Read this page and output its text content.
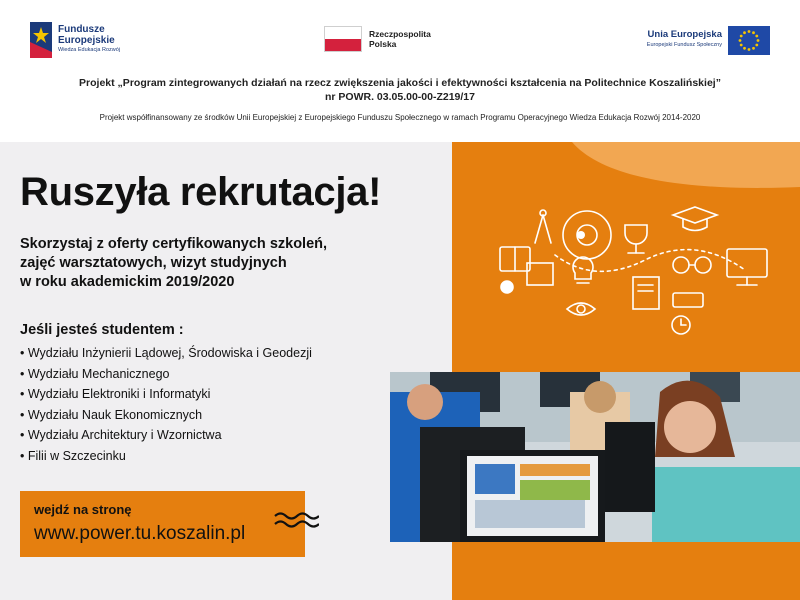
Fundusze
Europejskie
Wiedza Edukacja Rozwój
Rzeczpospolita
Polska
Unia Europejska
Europejski Fundusz Społeczny
Projekt „Program zintegrowanych działań na rzecz zwiększenia jakości i efektywności kształcenia na Politechnice Koszalińskiej”
nr POWR. 03.05.00-00-Z219/17
Projekt współfinansowany ze środków Unii Europejskiej z Europejskiego Funduszu Społecznego w ramach Programu Operacyjnego Wiedza Edukacja Rozwój 2014-2020
Ruszyła rekrutacja!
Skorzystaj z oferty certyfikowanych szkoleń,
zajęć warsztatowych, wizyt studyjnych
w roku akademickim 2019/2020
Jeśli jesteś studentem :
• Wydziału Inżynierii Lądowej, Środowiska i Geodezji
• Wydziału Mechanicznego
• Wydziału Elektroniki i Informatyki
• Wydziału Nauk Ekonomicznych
• Wydziału Architektury i Wzornictwa
• Filii w Szczecinku
wejdź na stronę
www.power.tu.koszalin.pl
